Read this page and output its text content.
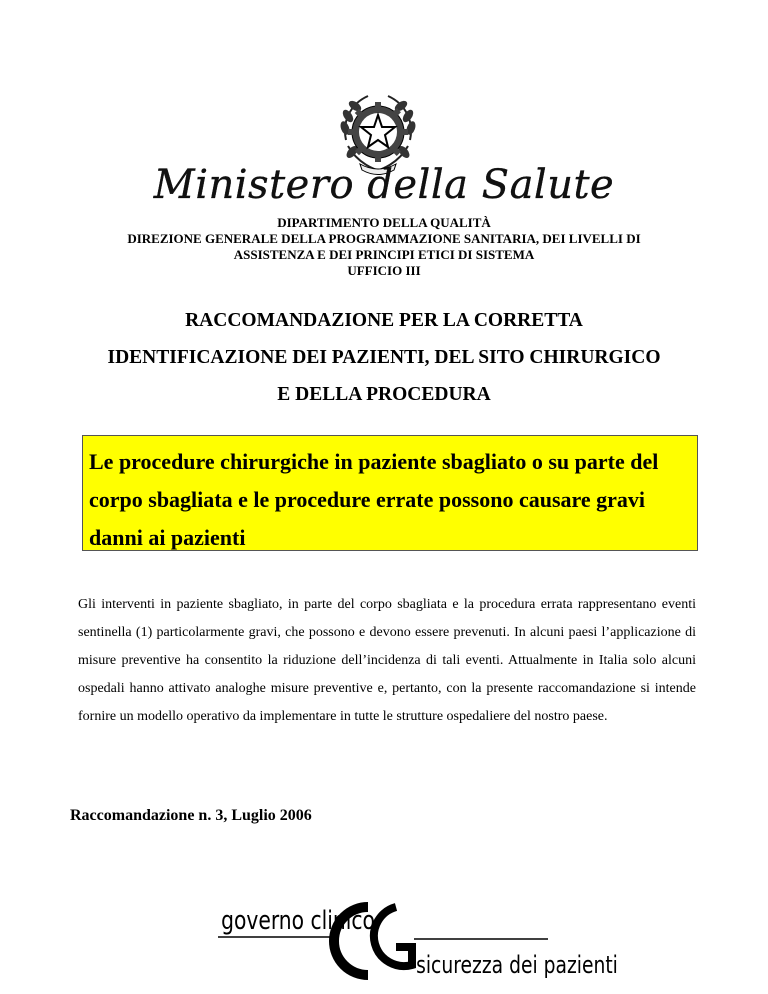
Ministero della Salute
DIPARTIMENTO DELLA QUALITÀ
DIREZIONE GENERALE DELLA PROGRAMMAZIONE SANITARIA, DEI LIVELLI DI
ASSISTENZA E DEI PRINCIPI ETICI DI SISTEMA
UFFICIO III
RACCOMANDAZIONE PER LA CORRETTA
IDENTIFICAZIONE DEI PAZIENTI, DEL SITO CHIRURGICO
E DELLA PROCEDURA
Le procedure chirurgiche in paziente sbagliato o su parte del corpo sbagliata e le procedure errate possono causare gravi danni ai pazienti
Gli interventi in paziente sbagliato, in parte del corpo sbagliata e la procedura errata rappresentano eventi sentinella (1) particolarmente gravi, che possono e devono essere prevenuti. In alcuni paesi l’applicazione di misure preventive ha consentito la riduzione dell’incidenza di tali eventi. Attualmente in Italia solo alcuni ospedali hanno attivato analoghe misure preventive e, pertanto, con la presente raccomandazione si intende fornire un modello operativo da implementare in tutte le strutture ospedaliere del nostro paese.
Raccomandazione n. 3, Luglio 2006
governo clinico
sicurezza dei pazienti
